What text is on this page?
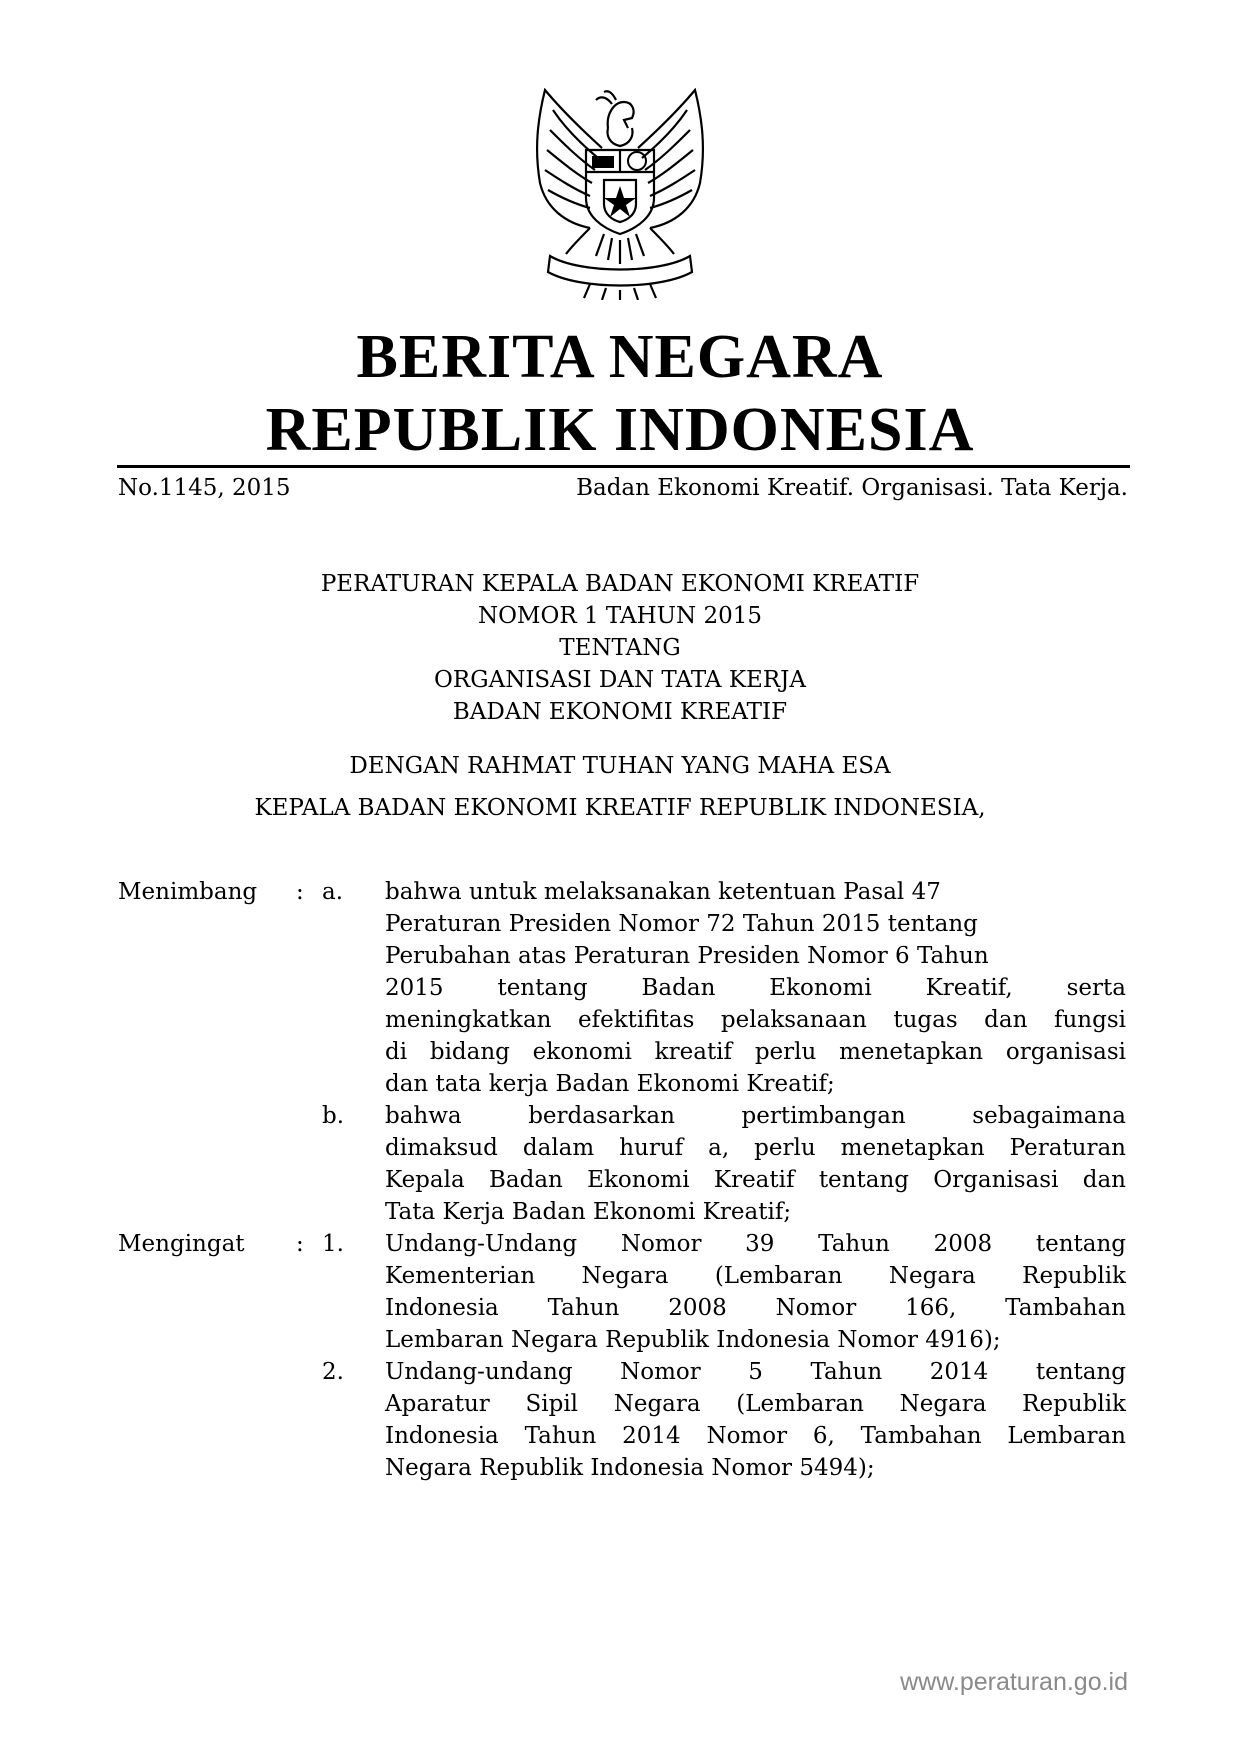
BERITA NEGARA
REPUBLIK INDONESIA
No.1145, 2015	Badan Ekonomi Kreatif. Organisasi. Tata Kerja.
PERATURAN KEPALA BADAN EKONOMI KREATIF
NOMOR 1 TAHUN 2015
TENTANG
ORGANISASI DAN TATA KERJA
BADAN EKONOMI KREATIF
DENGAN RAHMAT TUHAN YANG MAHA ESA
KEPALA BADAN EKONOMI KREATIF REPUBLIK INDONESIA,
Menimbang : a. bahwa untuk melaksanakan ketentuan Pasal 47
Peraturan Presiden Nomor 72 Tahun 2015 tentang
Perubahan atas Peraturan Presiden Nomor 6 Tahun
2015 tentang Badan Ekonomi Kreatif, serta
meningkatkan efektifitas pelaksanaan tugas dan fungsi
di bidang ekonomi kreatif perlu menetapkan organisasi
dan tata kerja Badan Ekonomi Kreatif;
b. bahwa berdasarkan pertimbangan sebagaimana
dimaksud dalam huruf a, perlu menetapkan Peraturan
Kepala Badan Ekonomi Kreatif tentang Organisasi dan
Tata Kerja Badan Ekonomi Kreatif;
Mengingat : 1. Undang-Undang Nomor 39 Tahun 2008 tentang
Kementerian Negara (Lembaran Negara Republik
Indonesia Tahun 2008 Nomor 166, Tambahan
Lembaran Negara Republik Indonesia Nomor 4916);
2. Undang-undang Nomor 5 Tahun 2014 tentang
Aparatur Sipil Negara (Lembaran Negara Republik
Indonesia Tahun 2014 Nomor 6, Tambahan Lembaran
Negara Republik Indonesia Nomor 5494);
www.peraturan.go.id
